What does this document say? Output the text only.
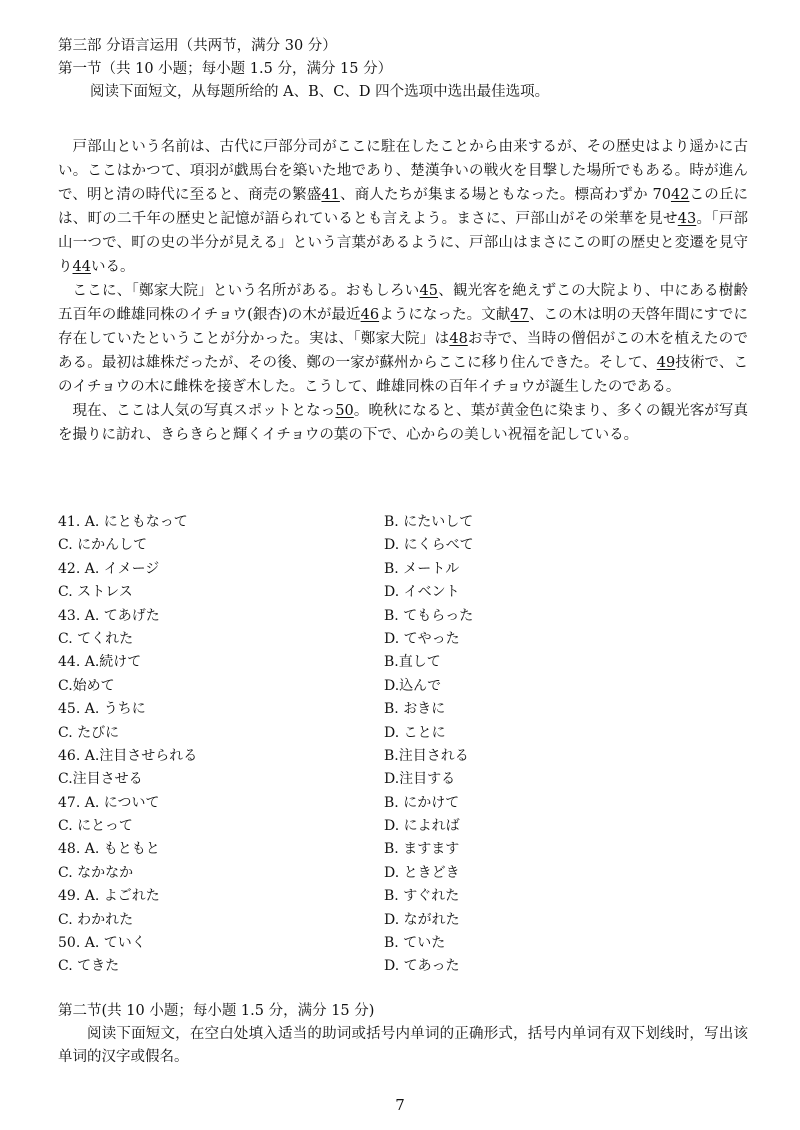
第三部 分语言运用（共两节，满分 30 分）
第一节（共 10 小题；每小题 1.5 分，满分 15 分）
阅读下面短文，从每题所给的 A、B、C、D 四个选项中选出最佳选项。

戸部山という名前は、古代に戸部分司がここに駐在したことから由来するが、その歴史はより遥かに古い。ここはかつて、項羽が戯馬台を築いた地であり、楚漢争いの戦火を目撃した場所でもある。時が進んで、明と清の時代に至ると、商売の繁盛41、商人たちが集まる場ともなった。標高わずか 7042この丘には、町の二千年の歴史と記憶が語られているとも言えよう。まさに、戸部山がその栄華を見せ43。「戸部山一つで、町の史の半分が見える」という言葉があるように、戸部山はまさにこの町の歴史と変遷を見守り44いる。

ここに、「鄭家大院」という名所がある。おもしろい45、観光客を絶えずこの大院より、中にある樹齢五百年の雌雄同株のイチョウ(銀杏)の木が最近46ようになった。文献47、この木は明の天啓年間にすでに存在していたということが分かった。実は、「鄭家大院」は48お寺で、当時の僧侶がこの木を植えたのである。最初は雄株だったが、その後、鄭の一家が蘇州からここに移り住んできた。そして、49技術で、このイチョウの木に雌株を接ぎ木した。こうして、雌雄同株の百年イチョウが誕生したのである。

現在、ここは人気の写真スポットとなっ50。晩秋になると、葉が黄金色に染まり、多くの観光客が写真を撮りに訪れ、きらきらと輝くイチョウの葉の下で、心からの美しい祝福を記している。

41. A. にともなって	B. にたいして
C. にかんして	D. にくらべて
42. A. イメージ	B. メートル
C. ストレス	D. イベント
43. A. てあげた	B. てもらった
C. てくれた	D. てやった
44. A.続けて	B.直して
C.始めて	D.込んで
45. A. うちに	B. おきに
C. たびに	D. ことに
46. A.注目させられる	B.注目される
C.注目させる	D.注目する
47. A. について	B. にかけて
C. にとって	D. によれば
48. A. もともと	B. ますます
C. なかなか	D. ときどき
49. A. よごれた	B. すぐれた
C. わかれた	D. ながれた
50. A. ていく	B. ていた
C. てきた	D. てあった
第二节(共 10 小题；每小题 1.5 分，满分 15 分)
阅读下面短文，在空白处填入适当的助词或括号内单词的正确形式，括号内单词有双下划线时，写出该单词的汉字或假名。
7
